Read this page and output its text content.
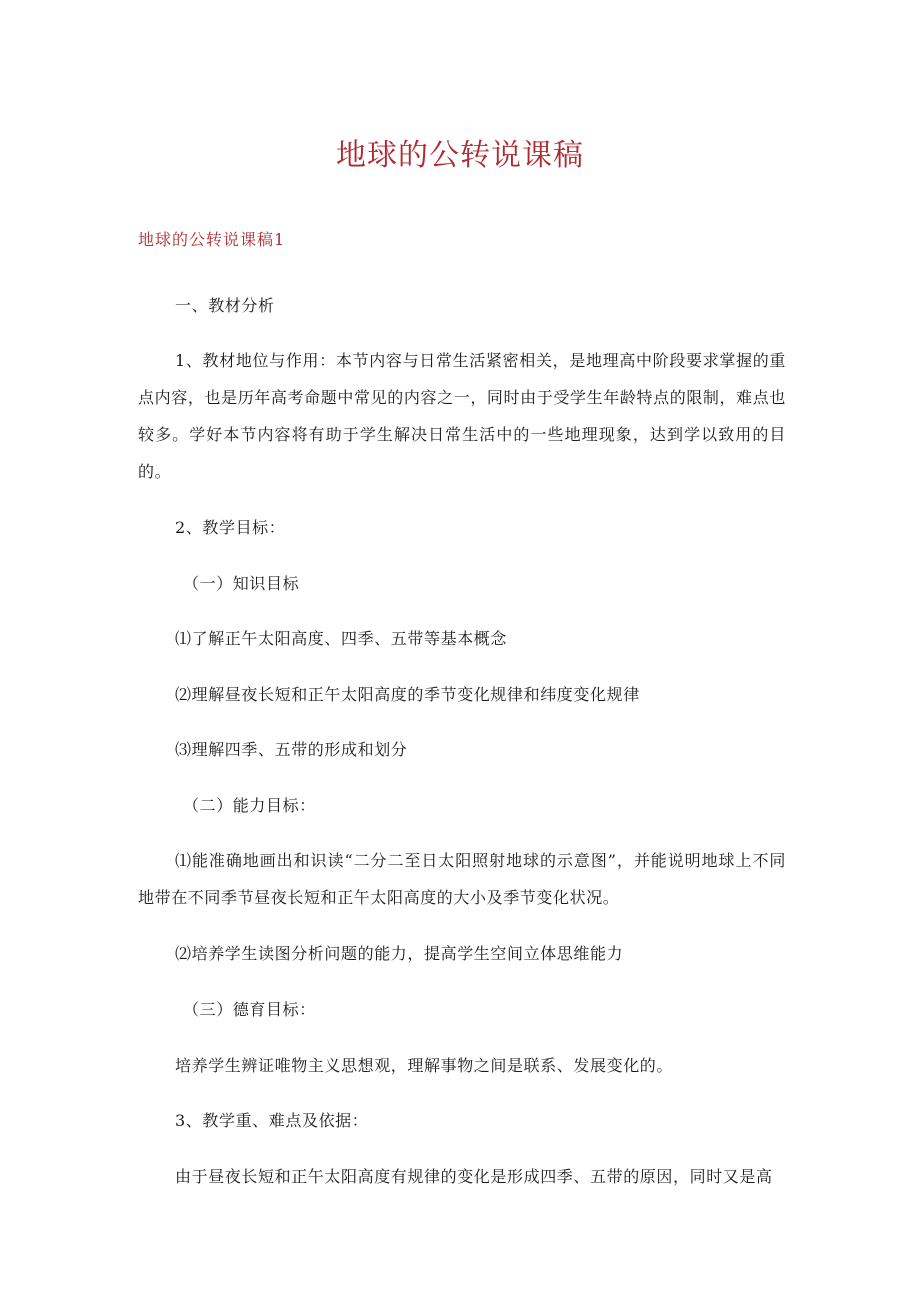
地球的公转说课稿
地球的公转说课稿1
一、教材分析
1、教材地位与作用：本节内容与日常生活紧密相关，是地理高中阶段要求掌握的重点内容，也是历年高考命题中常见的内容之一，同时由于受学生年龄特点的限制，难点也较多。学好本节内容将有助于学生解决日常生活中的一些地理现象，达到学以致用的目的。
2、教学目标：
（一）知识目标
⑴了解正午太阳高度、四季、五带等基本概念
⑵理解昼夜长短和正午太阳高度的季节变化规律和纬度变化规律
⑶理解四季、五带的形成和划分
（二）能力目标：
⑴能准确地画出和识读“二分二至日太阳照射地球的示意图”，并能说明地球上不同地带在不同季节昼夜长短和正午太阳高度的大小及季节变化状况。
⑵培养学生读图分析问题的能力，提高学生空间立体思维能力
（三）德育目标：
培养学生辨证唯物主义思想观，理解事物之间是联系、发展变化的。
3、教学重、难点及依据：
由于昼夜长短和正午太阳高度有规律的变化是形成四季、五带的原因，同时又是高
